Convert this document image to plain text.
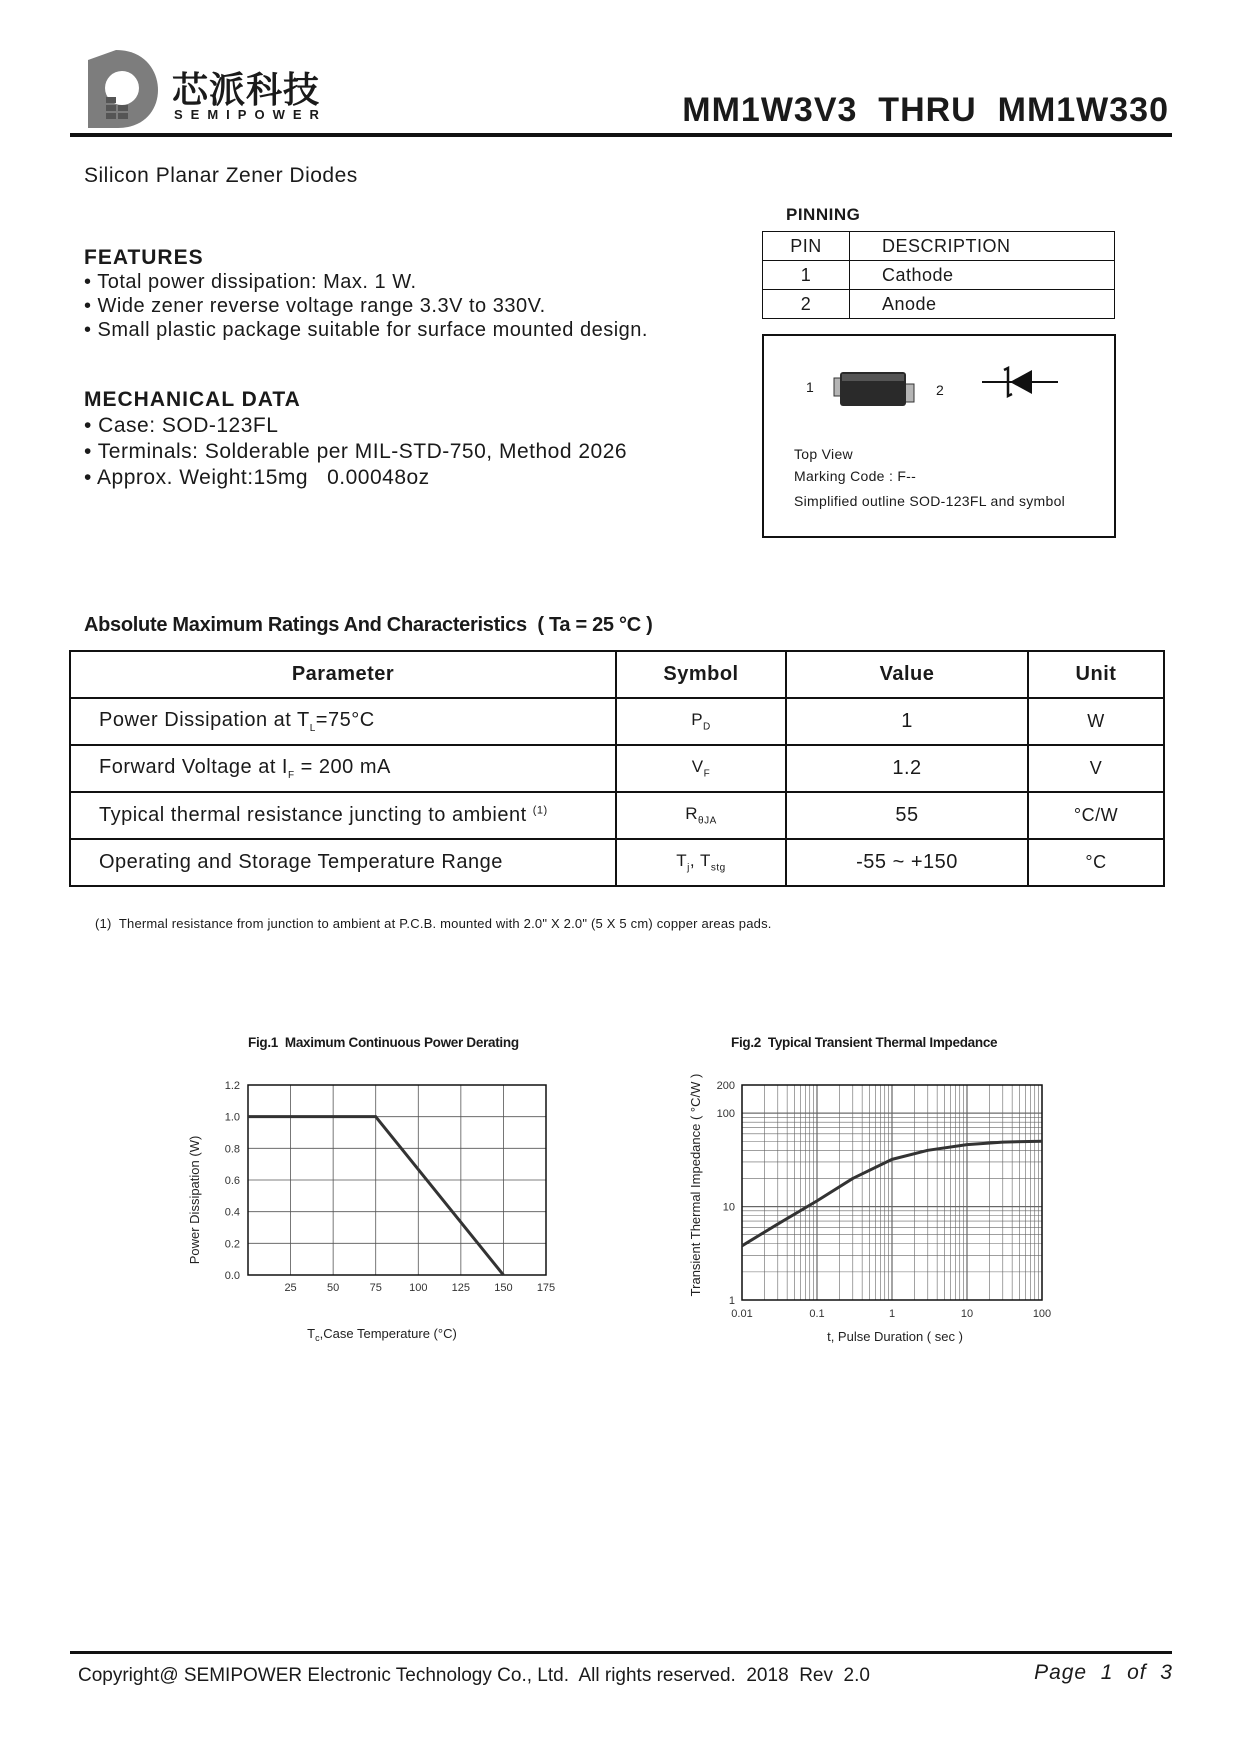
芯派科技
SEMIPOWER	MM1W3V3  THRU  MM1W330
Silicon Planar Zener Diodes
FEATURES
• Total power dissipation: Max. 1 W.
• Wide zener reverse voltage range 3.3V to 330V.
• Small plastic package suitable for surface mounted design.
MECHANICAL DATA
• Case: SOD-123FL
• Terminals: Solderable per MIL-STD-750, Method 2026
• Approx. Weight:15mg   0.00048oz
PINNING
PIN	DESCRIPTION
1	Cathode
2	Anode
1	2
Top View
Marking Code : F--
Simplified outline SOD-123FL and symbol
Absolute Maximum Ratings And Characteristics  ( Ta = 25 °C )
Parameter	Symbol	Value	Unit
Power Dissipation at $T_L=75^\circ C$	$P_D$	1	W
Forward Voltage at $I_F = 200$ mA	$V_F$	1.2	V
Typical thermal resistance juncting to ambient $^{(1)}$	$R_{\theta JA}$	55	°C/W
Operating and Storage Temperature Range	$T_j$, $T_{stg}$	-55 ~ +150	°C
(1)  Thermal resistance from junction to ambient at P.C.B. mounted with 2.0" X 2.0" (5 X 5 cm) copper areas pads.
Fig.1  Maximum Continuous Power Derating
25	50	75 100 125 150 175
0.0
0.2
0.4
0.6
0.8
1.0
1.2
Power Dissipation (W)
$T_c,Case$ Temperature (°C)
Fig.2  Typical Transient Thermal Impedance
0.01	0.1	1	10	100
1
10
100
200
Transient Thermal Impedance ( °C/W )
t, Pulse Duration ( sec )
Copyright@ SEMIPOWER Electronic Technology Co., Ltd.  All rights reserved.  2018  Rev  2.0	Page  1  of  3
